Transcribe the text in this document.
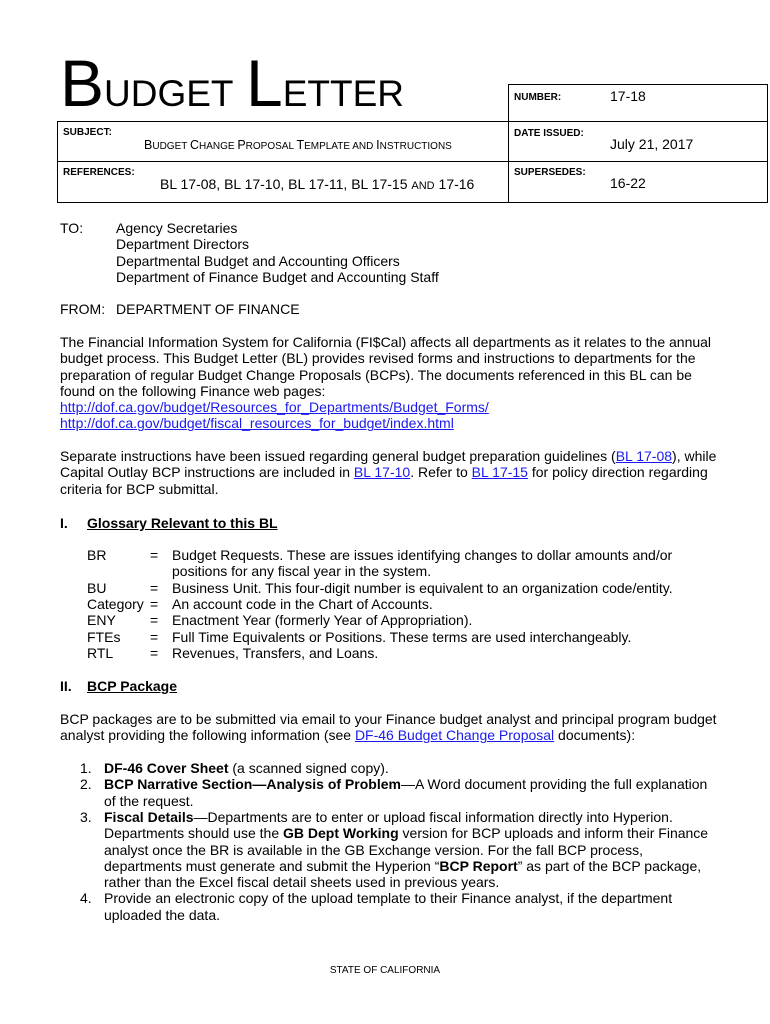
BUDGET LETTER
SUBJECT:
BUDGET CHANGE PROPOSAL TEMPLATE AND INSTRUCTIONS
REFERENCES:
BL 17-08, BL 17-10, BL 17-11, BL 17-15 AND 17-16
NUMBER:	17-18
DATE ISSUED:
July 21, 2017
SUPERSEDES:
16-22
TO: Agency Secretaries
Department Directors
Departmental Budget and Accounting Officers
Department of Finance Budget and Accounting Staff
FROM: DEPARTMENT OF FINANCE
The Financial Information System for California (FI$Cal) affects all departments as it relates to the annual
budget process. This Budget Letter (BL) provides revised forms and instructions to departments for the
preparation of regular Budget Change Proposals (BCPs). The documents referenced in this BL can be
found on the following Finance web pages:
http://dof.ca.gov/budget/Resources_for_Departments/Budget_Forms/
http://dof.ca.gov/budget/fiscal_resources_for_budget/index.html
Separate instructions have been issued regarding general budget preparation guidelines (BL 17-08), while
Capital Outlay BCP instructions are included in BL 17-10. Refer to BL 17-15 for policy direction regarding
criteria for BCP submittal.
I. Glossary Relevant to this BL
BR	= Budget Requests. These are issues identifying changes to dollar amounts and/or
positions for any fiscal year in the system.
BU	= Business Unit. This four-digit number is equivalent to an organization code/entity.
Category = An account code in the Chart of Accounts.
ENY = Enactment Year (formerly Year of Appropriation).
FTEs = Full Time Equivalents or Positions. These terms are used interchangeably.
RTL	= Revenues, Transfers, and Loans.
II. BCP Package
BCP packages are to be submitted via email to your Finance budget analyst and principal program budget
analyst providing the following information (see DF-46 Budget Change Proposal documents):
1. DF-46 Cover Sheet (a scanned signed copy).
2. BCP Narrative Section—Analysis of Problem—A Word document providing the full explanation
of the request.
3. Fiscal Details—Departments are to enter or upload fiscal information directly into Hyperion.
Departments should use the GB Dept Working version for BCP uploads and inform their Finance
analyst once the BR is available in the GB Exchange version. For the fall BCP process,
departments must generate and submit the Hyperion “BCP Report” as part of the BCP package,
rather than the Excel fiscal detail sheets used in previous years.
4. Provide an electronic copy of the upload template to their Finance analyst, if the department
uploaded the data.
STATE OF CALIFORNIA
